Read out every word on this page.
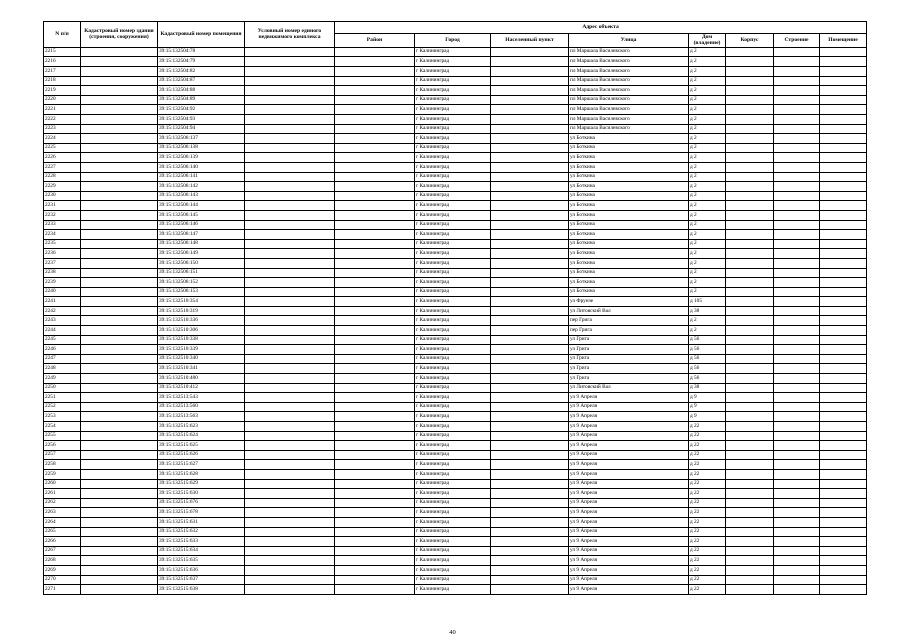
N п/п	Кадастровый номер здания (строения, сооружения)	Кадастровый номер помещения	Условный номер единого недвижимого комплекса	Адрес объекта							
				Район	Город	Населенный пункт	Улица	Дом (владение)	Корпус	Строение	Помещение
2215		39:15:132504:78			г Калининград		пл Маршала Василевского	д 2			
2216		39:15:132504:79			г Калининград		пл Маршала Василевского	д 2			
2217		39:15:132504:82			г Калининград		пл Маршала Василевского	д 2			
2218		39:15:132504:87			г Калининград		пл Маршала Василевского	д 2			
2219		39:15:132504:88			г Калининград		пл Маршала Василевского	д 2			
2220		39:15:132504:89			г Калининград		пл Маршала Василевского	д 2			
2221		39:15:132504:92			г Калининград		пл Маршала Василевского	д 2			
2222		39:15:132504:93			г Калининград		пл Маршала Василевского	д 2			
2223		39:15:132504:94			г Калининград		пл Маршала Василевского	д 2			
2224		39:15:132506:137			г Калининград		ул Боткина	д 2			
2225		39:15:132506:138			г Калининград		ул Боткина	д 2			
2226		39:15:132506:139			г Калининград		ул Боткина	д 2			
2227		39:15:132506:140			г Калининград		ул Боткина	д 2			
2228		39:15:132506:141			г Калининград		ул Боткина	д 2			
2229		39:15:132506:142			г Калининград		ул Боткина	д 2			
2230		39:15:132506:143			г Калининград		ул Боткина	д 2			
2231		39:15:132506:144			г Калининград		ул Боткина	д 2			
2232		39:15:132506:145			г Калининград		ул Боткина	д 2			
2233		39:15:132506:146			г Калининград		ул Боткина	д 2			
2234		39:15:132506:147			г Калининград		ул Боткина	д 2			
2235		39:15:132506:148			г Калининград		ул Боткина	д 2			
2236		39:15:132506:149			г Калининград		ул Боткина	д 2			
2237		39:15:132506:150			г Калининград		ул Боткина	д 2			
2238		39:15:132506:151			г Калининград		ул Боткина	д 2			
2239		39:15:132506:152			г Калининград		ул Боткина	д 2			
2240		39:15:132506:153			г Калининград		ул Боткина	д 2			
2241		39:15:132510:354			г Калининград		ул Фрунзе	д 105			
2242		39:15:132510:319			г Калининград		ул Литовский Вал	д 38			
2243		39:15:132510:336			г Калининград		пер Грига	д 2			
2244		39:15:132510:306			г Калининград		пер Грига	д 2			
2245		39:15:132510:338			г Калининград		ул Грига	д 56			
2246		39:15:132510:339			г Калининград		ул Грига	д 56			
2247		39:15:132510:340			г Калининград		ул Грига	д 56			
2248		39:15:132510:341			г Калининград		ул Грига	д 56			
2249		39:15:132510:480			г Калининград		ул Грига	д 56			
2250		39:15:132510:412			г Калининград		ул Литовский Вал	д 38			
2251		39:15:132513:543			г Калининград		ул 9 Апреля	д 9			
2252		39:15:132513:560			г Калининград		ул 9 Апреля	д 9			
2253		39:15:132513:563			г Калининград		ул 9 Апреля	д 9			
2254		39:15:132515:623			г Калининград		ул 9 Апреля	д 22			
2255		39:15:132515:624			г Калининград		ул 9 Апреля	д 22			
2256		39:15:132515:625			г Калининград		ул 9 Апреля	д 22			
2257		39:15:132515:626			г Калининград		ул 9 Апреля	д 22			
2258		39:15:132515:627			г Калининград		ул 9 Апреля	д 22			
2259		39:15:132515:628			г Калининград		ул 9 Апреля	д 22			
2260		39:15:132515:629			г Калининград		ул 9 Апреля	д 22			
2261		39:15:132515:630			г Калининград		ул 9 Апреля	д 22			
2262		39:15:132515:676			г Калининград		ул 9 Апреля	д 22			
2263		39:15:132515:678			г Калининград		ул 9 Апреля	д 22			
2264		39:15:132515:631			г Калининград		ул 9 Апреля	д 22			
2265		39:15:132515:632			г Калининград		ул 9 Апреля	д 22			
2266		39:15:132515:633			г Калининград		ул 9 Апреля	д 22			
2267		39:15:132515:634			г Калининград		ул 9 Апреля	д 22			
2268		39:15:132515:635			г Калининград		ул 9 Апреля	д 22			
2269		39:15:132515:636			г Калининград		ул 9 Апреля	д 22			
2270		39:15:132515:637			г Калининград		ул 9 Апреля	д 22			
2271		39:15:132515:638			г Калининград		ул 9 Апреля	д 22			
40
